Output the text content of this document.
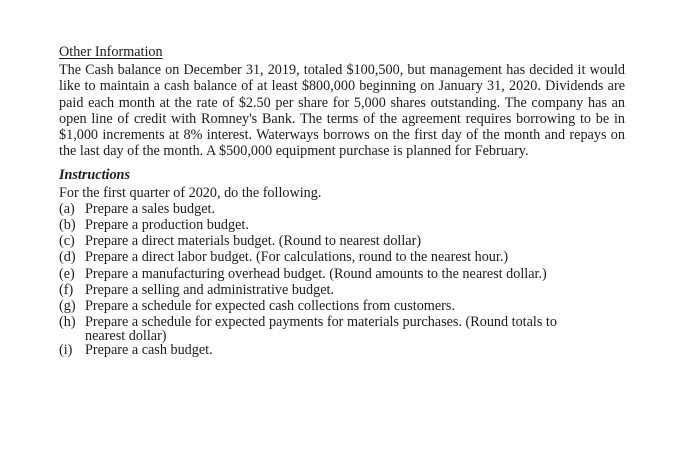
Other Information

The Cash balance on December 31, 2019, totaled $100,500, but management has decided it would like to maintain a cash balance of at least $800,000 beginning on January 31, 2020. Dividends are paid each month at the rate of $2.50 per share for 5,000 shares outstanding. The company has an open line of credit with Romney's Bank. The terms of the agreement requires borrowing to be in $1,000 increments at 8% interest. Waterways borrows on the first day of the month and repays on the last day of the month. A $500,000 equipment purchase is planned for February.

Instructions
For the first quarter of 2020, do the following.
(a) Prepare a sales budget.
(b) Prepare a production budget.
(c) Prepare a direct materials budget. (Round to nearest dollar)
(d) Prepare a direct labor budget. (For calculations, round to the nearest hour.)
(e) Prepare a manufacturing overhead budget. (Round amounts to the nearest dollar.)
(f) Prepare a selling and administrative budget.
(g) Prepare a schedule for expected cash collections from customers.
(h) Prepare a schedule for expected payments for materials purchases. (Round totals to
nearest dollar)
(i) Prepare a cash budget.
